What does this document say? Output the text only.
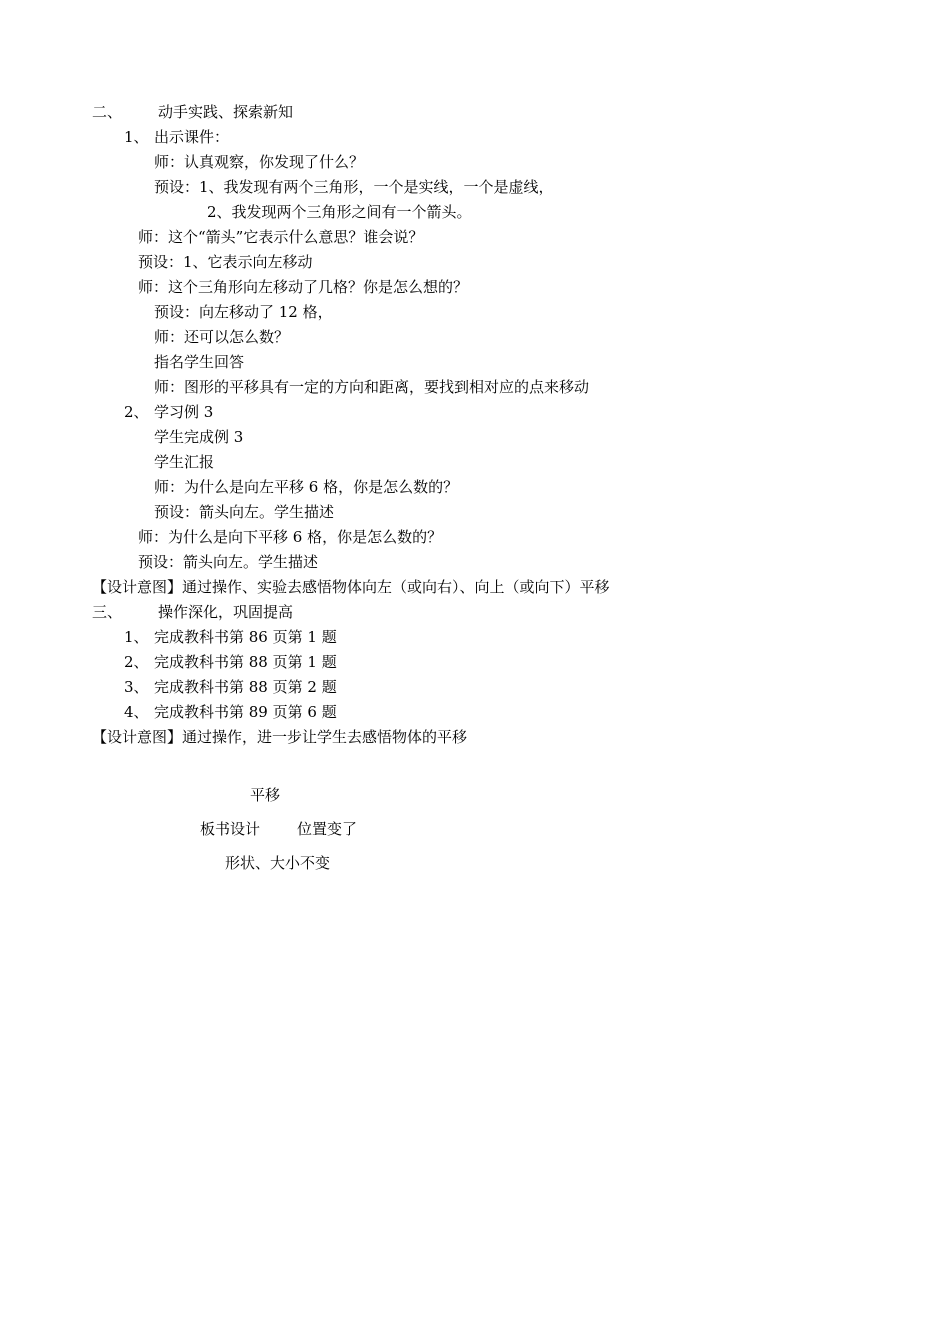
二、 动手实践、探索新知
1、 出示课件：
师：认真观察，你发现了什么？
预设：1、我发现有两个三角形，一个是实线，一个是虚线，
2、我发现两个三角形之间有一个箭头。
师：这个“箭头”它表示什么意思？谁会说？
预设：1、它表示向左移动
师：这个三角形向左移动了几格？你是怎么想的？
预设：向左移动了 12 格，
师：还可以怎么数？
指名学生回答
师：图形的平移具有一定的方向和距离，要找到相对应的点来移动
2、 学习例 3
学生完成例 3
学生汇报
师：为什么是向左平移 6 格，你是怎么数的？
预设：箭头向左。学生描述
师：为什么是向下平移 6 格，你是怎么数的？
预设：箭头向左。学生描述
【设计意图】通过操作、实验去感悟物体向左（或向右）、向上（或向下）平移
三、 操作深化，巩固提高
1、 完成教科书第 86 页第 1 题
2、 完成教科书第 88 页第 1 题
3、 完成教科书第 88 页第 2 题
4、 完成教科书第 89 页第 6 题
【设计意图】通过操作，进一步让学生去感悟物体的平移
平移
板书设计 位置变了
形状、大小不变
